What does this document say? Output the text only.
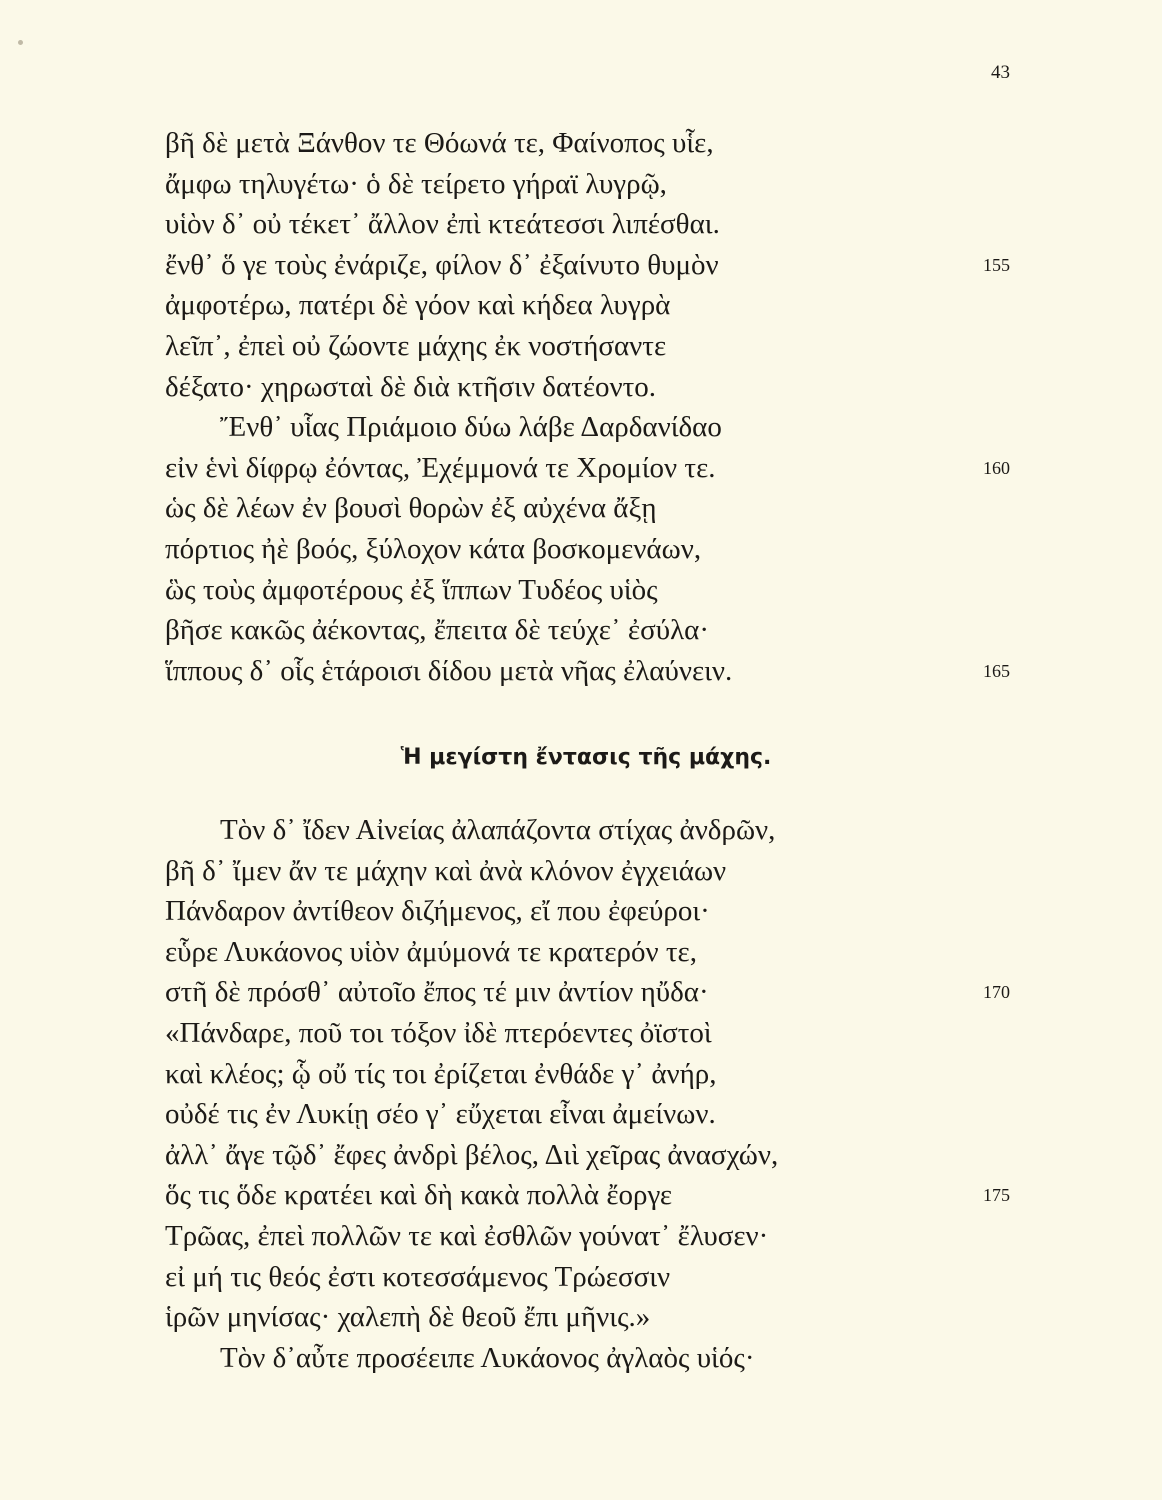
43
βῆ δὲ μετὰ Ξάνθον τε Θόωνά τε, Φαίνοπος υἷε,
ἄμφω τηλυγέτω· ὁ δὲ τείρετο γήραϊ λυγρῷ,
υἱὸν δ᾿ οὐ τέκετ᾿ ἄλλον ἐπὶ κτεάτεσσι λιπέσθαι.
ἔνθ᾿ ὅ γε τοὺς ἐνάριζε, φίλον δ᾿ ἐξαίνυτο θυμὸν	155
ἀμφοτέρω, πατέρι δὲ γόον καὶ κήδεα λυγρὰ
λεῖπ᾿, ἐπεὶ οὐ ζώοντε μάχης ἐκ νοστήσαντε
δέξατο· χηρωσταὶ δὲ διὰ κτῆσιν δατέοντο.
Ἔνθ᾿ υἷας Πριάμοιο δύω λάβε Δαρδανίδαο
εἰν ἑνὶ δίφρῳ ἐόντας, Ἐχέμμονά τε Χρομίον τε.	160
ὡς δὲ λέων ἐν βουσὶ θορὼν ἐξ αὐχένα ἄξῃ
πόρτιος ἠὲ βοός, ξύλοχον κάτα βοσκομενάων,
ὣς τοὺς ἀμφοτέρους ἐξ ἵππων Τυδέος υἱὸς
βῆσε κακῶς ἀέκοντας, ἔπειτα δὲ τεύχε᾿ ἐσύλα·
ἵππους δ᾿ οἷς ἑτάροισι δίδου μετὰ νῆας ἐλαύνειν.	165
Ἡ μεγίστη ἔντασις τῆς μάχης.
Τὸν δ᾿ ἴδεν Αἰνείας ἀλαπάζοντα στίχας ἀνδρῶν,
βῆ δ᾿ ἴμεν ἄν τε μάχην καὶ ἀνὰ κλόνον ἐγχειάων
Πάνδαρον ἀντίθεον διζήμενος, εἴ που ἐφεύροι·
εὗρε Λυκάονος υἱὸν ἀμύμονά τε κρατερόν τε,
στῆ δὲ πρόσθ᾿ αὐτοῖο ἔπος τέ μιν ἀντίον ηὔδα·	170
«Πάνδαρε, ποῦ τοι τόξον ἰδὲ πτερόεντες ὀϊστοὶ
καὶ κλέος; ᾧ οὔ τίς τοι ἐρίζεται ἐνθάδε γ᾿ ἀνήρ,
οὐδέ τις ἐν Λυκίῃ σέο γ᾿ εὔχεται εἶναι ἀμείνων.
ἀλλ᾿ ἄγε τῷδ᾿ ἔφες ἀνδρὶ βέλος, Διὶ χεῖρας ἀνασχών,
ὅς τις ὅδε κρατέει καὶ δὴ κακὰ πολλὰ ἔοργε	175
Τρῶας, ἐπεὶ πολλῶν τε καὶ ἐσθλῶν γούνατ᾿ ἔλυσεν·
εἰ μή τις θεός ἐστι κοτεσσάμενος Τρώεσσιν
ἱρῶν μηνίσας· χαλεπὴ δὲ θεοῦ ἔπι μῆνις.»
Τὸν δ᾿αὖτε προσέειπε Λυκάονος ἀγλαὸς υἱός·
